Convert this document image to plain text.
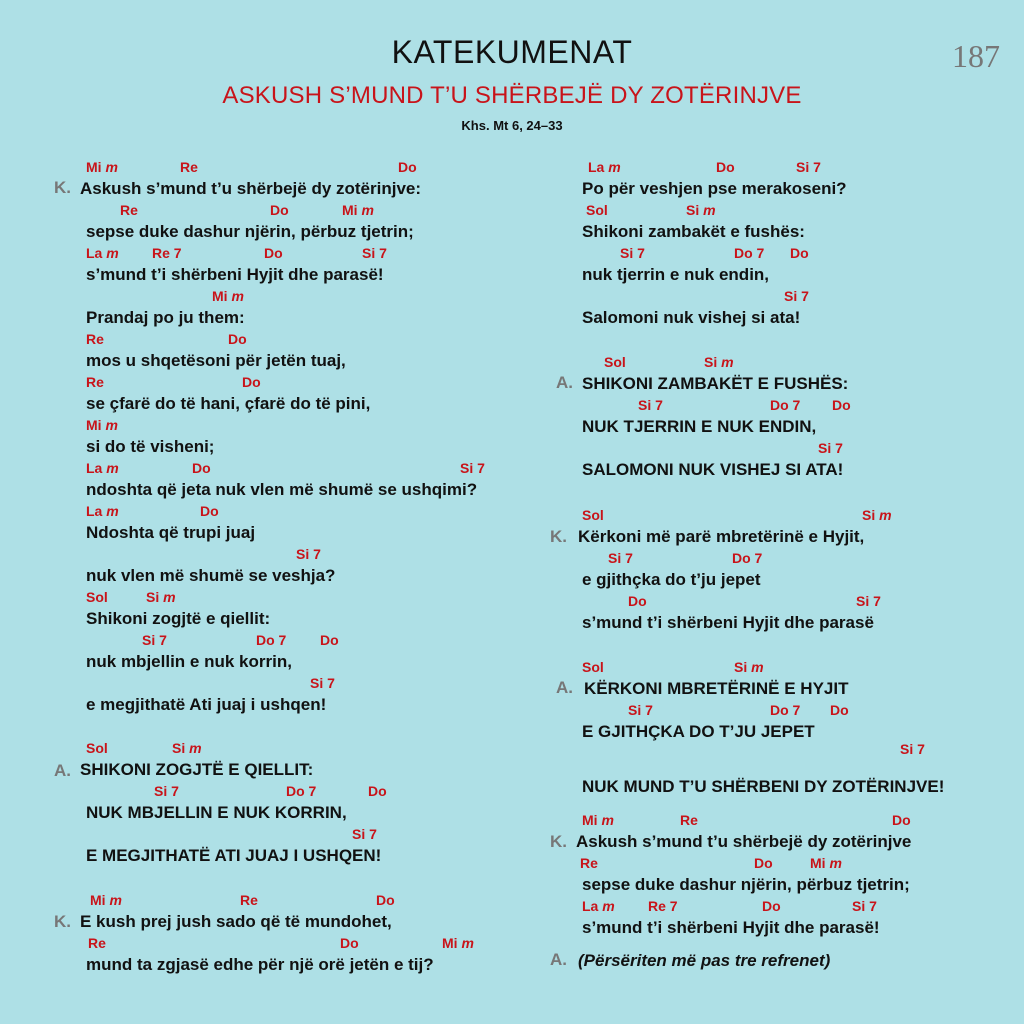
KATEKUMENAT	187
ASKUSH S’MUND T’U SHËRBEJË DY ZOTËRINJVE
Khs. Mt 6, 24–33
K.
Mi m	Re	Do
Askush s’mund t’u shërbejë dy zotërinjve:
Re	Do	Mi m
sepse duke dashur njërin, përbuz tjetrin;
La m Re 7	Do	Si 7
s’mund t’i shërbeni Hyjit dhe parasë!
Mi m
Prandaj po ju them:
Re	Do
mos u shqetësoni për jetën tuaj,
Re	Do
se çfarë do të hani, çfarë do të pini,
Mi m
si do të visheni;
La m	Do	Si 7
ndoshta që jeta nuk vlen më shumë se ushqimi?
La m	Do
Ndoshta që trupi juaj
Si 7
nuk vlen më shumë se veshja?
Sol	Si m
Shikoni zogjtë e qiellit:
Si 7	Do 7 Do
nuk mbjellin e nuk korrin,
Si 7
e megjithatë Ati juaj i ushqen!
A.
Sol	Si m
SHIKONI ZOGJTË E QIELLIT:
Si 7	Do 7	Do
NUK MBJELLIN E NUK KORRIN,
Si 7
E MEGJITHATË ATI JUAJ I USHQEN!
K.
Mi m	Re	Do
E kush prej jush sado që të mundohet,
Re	Do	Mi m
mund ta zgjasë edhe për një orë jetën e tij?
La m	Do	Si 7
Po për veshjen pse merakoseni?
Sol	Si m
Shikoni zambakët e fushës:
Si 7	Do 7 Do
nuk tjerrin e nuk endin,
Si 7
Salomoni nuk vishej si ata!
A.
Sol	Si m
SHIKONI ZAMBAKËT E FUSHËS:
Si 7	Do 7 Do
NUK TJERRIN E NUK ENDIN,
Si 7
SALOMONI NUK VISHEJ SI ATA!
K.
Sol	Si m
Kërkoni më parë mbretërinë e Hyjit,
Si 7	Do 7
e gjithçka do t’ju jepet
Do	Si 7
s’mund t’i shërbeni Hyjit dhe parasë
A.
Sol	Si m
KËRKONI MBRETËRINË E HYJIT
Si 7	Do 7 Do
E GJITHÇKA DO T’JU JEPET
Si 7
NUK MUND T’U SHËRBENI DY ZOTËRINJVE!
K.
Mi m	Re	Do
Askush s’mund t’u shërbejë dy zotërinjve
Re	Do	Mi m
sepse duke dashur njërin, përbuz tjetrin;
La m Re 7	Do	Si 7
s’mund t’i shërbeni Hyjit dhe parasë!
A. (Përsëriten më pas tre refrenet)
